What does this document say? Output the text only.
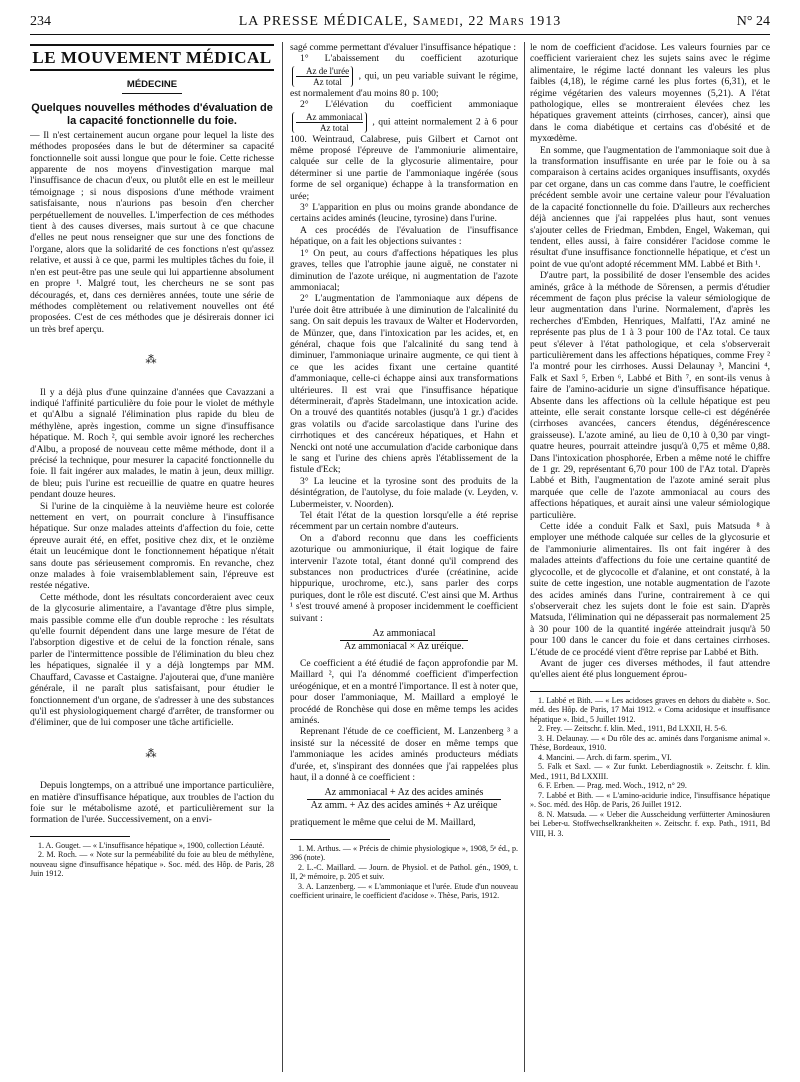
234	LA PRESSE MÉDICALE, Samedi, 22 Mars 1913	N° 24
LE MOUVEMENT MÉDICAL
MÉDECINE
Quelques nouvelles méthodes d'évaluation de la capacité fonctionnelle du foie.

— Il n'est certainement aucun organe pour lequel la liste des méthodes proposées dans le but de déterminer sa capacité fonctionnelle soit aussi longue que pour le foie. Cette richesse apparente de nos moyens d'investigation marque mal l'insuffisance de chacun d'eux, ou plutôt elle en est le meilleur témoignage ; si nous disposions d'une méthode vraiment satisfaisante, nous n'aurions pas besoin d'en chercher perpétuellement de nouvelles. L'imperfection de ces méthodes tient à des causes diverses, mais surtout à ce que chacune d'elles ne peut nous renseigner que sur une des fonctions de l'organe, alors que la solidarité de ces fonctions n'est qu'assez relative, et aussi à ce que, parmi les multiples tâches du foie, il n'en est peut-être pas une seule qui lui appartienne absolument en propre ¹. Malgré tout, les chercheurs ne se sont pas découragés, et, dans ces dernières années, toute une série de méthodes complètement ou relativement nouvelles ont été proposées. C'est de ces méthodes que je désirerais donner ici un très bref aperçu.

⁂

Il y a déjà plus d'une quinzaine d'années que Cavazzani a indiqué l'affinité particulière du foie pour le violet de méthyle et qu'Albu a signalé l'élimination plus rapide du bleu de méthylène, après ingestion, comme un signe d'insuffisance hépatique. M. Roch ², qui semble avoir ignoré les recherches d'Albu, a proposé de nouveau cette même méthode, dont il a précisé la technique, pour mesurer la capacité fonctionnelle du foie. Il fait ingérer aux malades, le matin à jeun, deux milligr. de bleu; puis l'urine est recueillie de quatre en quatre heures pendant douze heures.

Si l'urine de la cinquième à la neuvième heure est colorée nettement en vert, on pourrait conclure à l'insuffisance hépatique. Sur onze malades atteints d'affection du foie, cette épreuve aurait été, en effet, positive chez dix, et le onzième était un leucémique dont le fonctionnement hépatique n'était sans doute pas sérieusement compromis. En revanche, chez onze malades à foie vraisemblablement sain, l'épreuve est restée négative.

Cette méthode, dont les résultats concorderaient avec ceux de la glycosurie alimentaire, a l'avantage d'être plus simple, mais passible comme elle d'un double reproche : les résultats qu'elle fournit dépendent dans une large mesure de l'état de l'absorption digestive et de celui de la fonction rénale, sans parler de l'intermittence possible de l'élimination du bleu chez les hépatiques, signalée il y a déjà longtemps par MM. Chauffard, Cavasse et Castaigne. J'ajouterai que, d'une manière générale, il ne paraît plus satisfaisant, pour étudier le fonctionnement d'un organe, de s'adresser à une des substances qu'il est physiologiquement chargé d'arrêter, de transformer ou d'éliminer, que de lui composer une tâche artificielle.

⁂

Depuis longtemps, on a attribué une importance particulière, en matière d'insuffisance hépatique, aux troubles de l'action du foie sur le métabolisme azoté, et particulièrement sur la formation de l'urée. Successivement, on a envi-

1. A. Gouget. — « L'insuffisance hépatique », 1900, collection Léauté.

2. M. Roch. — « Note sur la perméabilité du foie au bleu de méthylène, nouveau signe d'insuffisance hépatique ». Soc. méd. des Hôp. de Paris, 28 Juin 1912.

sagé comme permettant d'évaluer l'insuffisance hépatique :

1° L'abaissement du coefficient azoturique
$\frac{\text{Az de l'urée}}{\text{Az total}}$ , qui, un peu variable suivant le régime, est normalement d'au moins 80 p. 100;

2° L'élévation du coefficient ammoniaque
$\frac{\text{Az ammoniacal}}{\text{Az total}}$ , qui atteint normalement 2 à 6 pour 100. Weintraud, Calabrese, puis Gilbert et Carnot ont même proposé l'épreuve de l'ammoniurie alimentaire, calquée sur celle de la glycosurie alimentaire, pour déterminer si une partie de l'ammoniaque ingérée (sous forme de sel organique) échappe à la transformation en urée;

3° L'apparition en plus ou moins grande abondance de certains acides aminés (leucine, tyrosine) dans l'urine.

A ces procédés de l'évaluation de l'insuffisance hépatique, on a fait les objections suivantes :

1° On peut, au cours d'affections hépatiques les plus graves, telles que l'atrophie jaune aiguë, ne constater ni diminution de l'azote uréique, ni augmentation de l'azote ammoniacal;

2° L'augmentation de l'ammoniaque aux dépens de l'urée doit être attribuée à une diminution de l'alcalinité du sang. On sait depuis les travaux de Walter et Hodervorden, de Münzer, que, dans l'intoxication par les acides, et, en général, chaque fois que l'alcalinité du sang tend à diminuer, l'ammoniaque urinaire augmente, ce qui tient à ce que les acides fixant une certaine quantité d'ammoniaque, celle-ci échappe ainsi aux transformations ultérieures. Il est vrai que l'insuffisance hépatique déterminerait, d'après Stadelmann, une intoxication acide. On a trouvé des quantités notables (jusqu'à 1 gr.) d'acides gras volatils ou d'acide sarcolastique dans l'urine des cirrhotiques et des cancéreux hépatiques, et Hahn et Nencki ont noté une accumulation d'acide carbonique dans le sang et l'urine des chiens après l'établissement de la fistule d'Eck;

3° La leucine et la tyrosine sont des produits de la désintégration, de l'autolyse, du foie malade (v. Leyden, v. Lubermeister, v. Noorden).

Tel était l'état de la question lorsqu'elle a été reprise récemment par un certain nombre d'auteurs.

On a d'abord reconnu que dans les coefficients azoturique ou ammoniurique, il était logique de faire intervenir l'azote total, étant donné qu'il comprend des substances non productrices d'urée (créatinine, acide hippurique, urochrome, etc.), sans parler des corps puriques, dont le rôle est discuté. C'est ainsi que M. Arthus ¹ s'est trouvé amené à proposer incidemment le coefficient suivant :

$\frac{\text{Az ammoniacal}}{\text{Az ammoniacal × Az uréique.}}$

Ce coefficient a été étudié de façon approfondie par M. Maillard ², qui l'a dénommé coefficient d'imperfection uréogénique, et en a montré l'importance. Il est à noter que, pour doser l'ammoniaque, M. Maillard a employé le procédé de Ronchèse qui dose en même temps les acides aminés.

Reprenant l'étude de ce coefficient, M. Lanzenberg ³ a insisté sur la nécessité de doser en même temps que l'ammoniaque les acides aminés producteurs médiats d'urée, et, s'inspirant des données que j'ai rappelées plus haut, il a donné à ce coefficient :

$\frac{\text{Az ammoniacal + Az des acides aminés}}{\text{Az amm. + Az des acides aminés + Az uréique}}$

pratiquement le même que celui de M. Maillard,

1. M. Arthus. — « Précis de chimie physiologique », 1908, 5ᵉ éd., p. 396 (note).

2. L.-C. Maillard. — Journ. de Physiol. et de Pathol. gén., 1909, t. II, 2ᵉ mémoire, p. 205 et suiv.

3. A. Lanzenberg. — « L'ammoniaque et l'urée. Etude d'un nouveau coefficient urinaire, le coefficient d'acidose ». Thèse, Paris, 1912.

le nom de coefficient d'acidose. Les valeurs fournies par ce coefficient varieraient chez les sujets sains avec le régime alimentaire, le régime lacté donnant les valeurs les plus faibles (4,18), le régime carné les plus fortes (6,31), et le régime végétarien des valeurs moyennes (5,21). A l'état pathologique, elles se montreraient élevées chez les hépatiques gravement atteints (cirrhoses, cancer), ainsi que dans le coma diabétique et certains cas d'obésité et de myxœdème.

En somme, que l'augmentation de l'ammoniaque soit due à la transformation insuffisante en urée par le foie ou à sa comparaison à certains acides organiques insuffisants, oxydés par cet organe, dans un cas comme dans l'autre, le coefficient précédent semble avoir une certaine valeur pour l'évaluation de la capacité fonctionnelle du foie. D'ailleurs aux recherches déjà anciennes que j'ai rappelées plus haut, sont venues s'ajouter celles de Friedman, Embden, Engel, Wakeman, qui tendent, elles aussi, à faire considérer l'acidose comme le résultat d'une insuffisance fonctionnelle hépatique, et c'est un point de vue qu'ont adopté récemment MM. Labbé et Bith ¹.

D'autre part, la possibilité de doser l'ensemble des acides aminés, grâce à la méthode de Sörensen, a permis d'étudier récemment de façon plus précise la valeur sémiologique de leur augmentation dans l'urine. Normalement, d'après les recherches d'Embden, Henriques, Malfatti, l'Az aminé ne représente pas plus de 1 à 3 pour 100 de l'Az total. Ce taux peut s'élever à l'état pathologique, et cela s'observerait particulièrement dans les affections hépatiques, comme Frey ² l'a montré pour les cirrhoses. Aussi Delaunay ³, Mancini ⁴, Falk et Saxl ⁵, Erben ⁶, Labbé et Bith ⁷, en sont-ils venus à faire de l'amino-acidurie un signe d'insuffisance hépatique. Absente dans les affections où la cellule hépatique est peu atteinte, elle serait constante lorsque celle-ci est dégénérée (cirrhoses avancées, cancers étendus, dégénérescence graisseuse). L'azote aminé, au lieu de 0,10 à 0,30 par vingt-quatre heures, pourrait atteindre jusqu'à 0,75 et même 0,88. Dans l'intoxication phosphorée, Erben a même noté le chiffre de 1 gr. 29, représentant 6,70 pour 100 de l'Az total. D'après Labbé et Bith, l'augmentation de l'azote aminé serait plus marquée que celle de l'azote ammoniacal au cours des affections hépatiques, et aurait ainsi une valeur sémiologique particulière.

Cette idée a conduit Falk et Saxl, puis Matsuda ⁸ à employer une méthode calquée sur celles de la glycosurie et de l'ammoniurie alimentaires. Ils ont fait ingérer à des malades atteints d'affections du foie une certaine quantité de glycocolle, et de glycocolle et d'alanine, et ont constaté, à la suite de cette ingestion, une notable augmentation de l'azote des acides aminés dans l'urine, contrairement à ce qui s'observerait chez les sujets dont le foie est sain. D'après Matsuda, l'élimination qui ne dépasserait pas normalement 25 à 30 pour 100 de la quantité ingérée atteindrait jusqu'à 50 pour 100 dans le cancer du foie et dans certaines cirrhoses. L'étude de ce procédé vient d'être reprise par Labbé et Bith.

Avant de juger ces diverses méthodes, il faut attendre qu'elles aient été plus longuement éprou-

1. Labbé et Bith. — « Les acidoses graves en dehors du diabète ». Soc. méd. des Hôp. de Paris, 17 Mai 1912. « Coma acidosique et insuffisance hépatique ». Ibid., 5 Juillet 1912.

2. Frey. — Zeitschr. f. klin. Med., 1911, Bd LXXII, H. 5-6.

3. H. Delaunay. — « Du rôle des ac. aminés dans l'organisme animal ». Thèse, Bordeaux, 1910.

4. Mancini. — Arch. di farm. sperim., VI.

5. Falk et Saxl. — « Zur funkt. Leberdiagnostik ». Zeitschr. f. klin. Med., 1911, Bd LXXIII.

6. F. Erben. — Prag. med. Woch., 1912, n° 29.

7. Labbé et Bith. — « L'amino-acidurie indice, l'insuffisance hépatique ». Soc. méd. des Hôp. de Paris, 26 Juillet 1912.

8. N. Matsuda. — « Ueber die Ausscheidung verfütterter Aminosäuren bei Leber-u. Stoffwechselkrankheiten ». Zeitschr. f. exp. Path., 1911, Bd VIII, H. 3.
